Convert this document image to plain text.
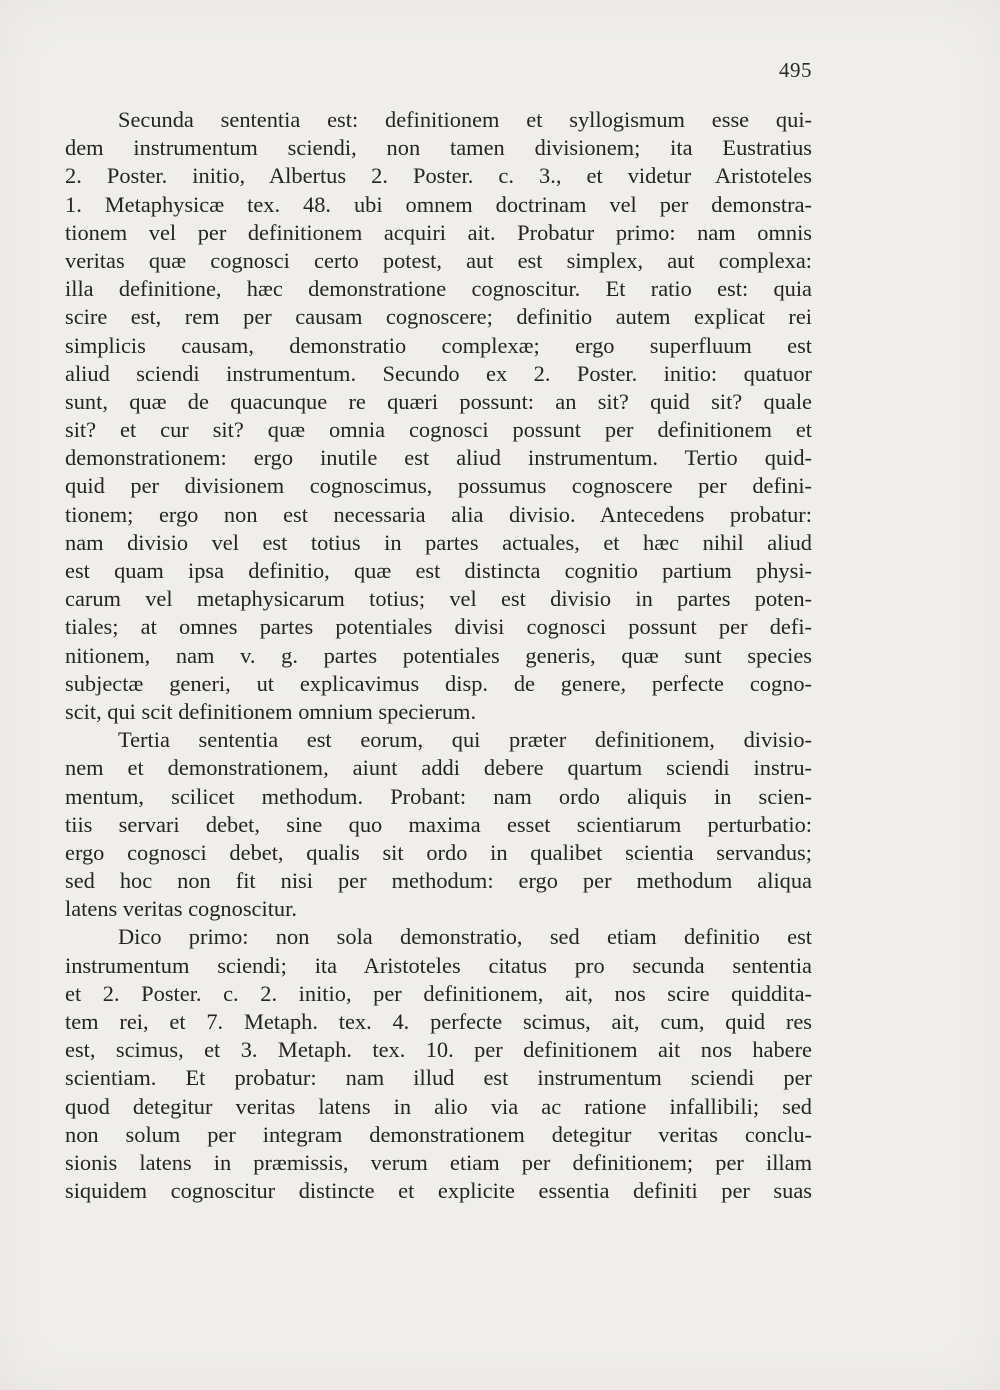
495
Secunda sententia est: definitionem et syllogismum esse qui-
dem instrumentum sciendi, non tamen divisionem; ita Eustratius
2. Poster. initio, Albertus 2. Poster. c. 3., et videtur Aristoteles
1. Metaphysicæ tex. 48. ubi omnem doctrinam vel per demonstra-
tionem vel per definitionem acquiri ait. Probatur primo: nam omnis
veritas quæ cognosci certo potest, aut est simplex, aut complexa:
illa definitione, hæc demonstratione cognoscitur. Et ratio est: quia
scire est, rem per causam cognoscere; definitio autem explicat rei
simplicis causam, demonstratio complexæ; ergo superfluum est
aliud sciendi instrumentum. Secundo ex 2. Poster. initio: quatuor
sunt, quæ de quacunque re quæri possunt: an sit? quid sit? quale
sit? et cur sit? quæ omnia cognosci possunt per definitionem et
demonstrationem: ergo inutile est aliud instrumentum. Tertio quid-
quid per divisionem cognoscimus, possumus cognoscere per defini-
tionem; ergo non est necessaria alia divisio. Antecedens probatur:
nam divisio vel est totius in partes actuales, et hæc nihil aliud
est quam ipsa definitio, quæ est distincta cognitio partium physi-
carum vel metaphysicarum totius; vel est divisio in partes poten-
tiales; at omnes partes potentiales divisi cognosci possunt per defi-
nitionem, nam v. g. partes potentiales generis, quæ sunt species
subjectæ generi, ut explicavimus disp. de genere, perfecte cogno-
scit, qui scit definitionem omnium specierum.
Tertia sententia est eorum, qui præter definitionem, divisio-
nem et demonstrationem, aiunt addi debere quartum sciendi instru-
mentum, scilicet methodum. Probant: nam ordo aliquis in scien-
tiis servari debet, sine quo maxima esset scientiarum perturbatio:
ergo cognosci debet, qualis sit ordo in qualibet scientia servandus;
sed hoc non fit nisi per methodum: ergo per methodum aliqua
latens veritas cognoscitur.
Dico primo: non sola demonstratio, sed etiam definitio est
instrumentum sciendi; ita Aristoteles citatus pro secunda sententia
et 2. Poster. c. 2. initio, per definitionem, ait, nos scire quiddita-
tem rei, et 7. Metaph. tex. 4. perfecte scimus, ait, cum, quid res
est, scimus, et 3. Metaph. tex. 10. per definitionem ait nos habere
scientiam. Et probatur: nam illud est instrumentum sciendi per
quod detegitur veritas latens in alio via ac ratione infallibili; sed
non solum per integram demonstrationem detegitur veritas conclu-
sionis latens in præmissis, verum etiam per definitionem; per illam
siquidem cognoscitur distincte et explicite essentia definiti per suas
